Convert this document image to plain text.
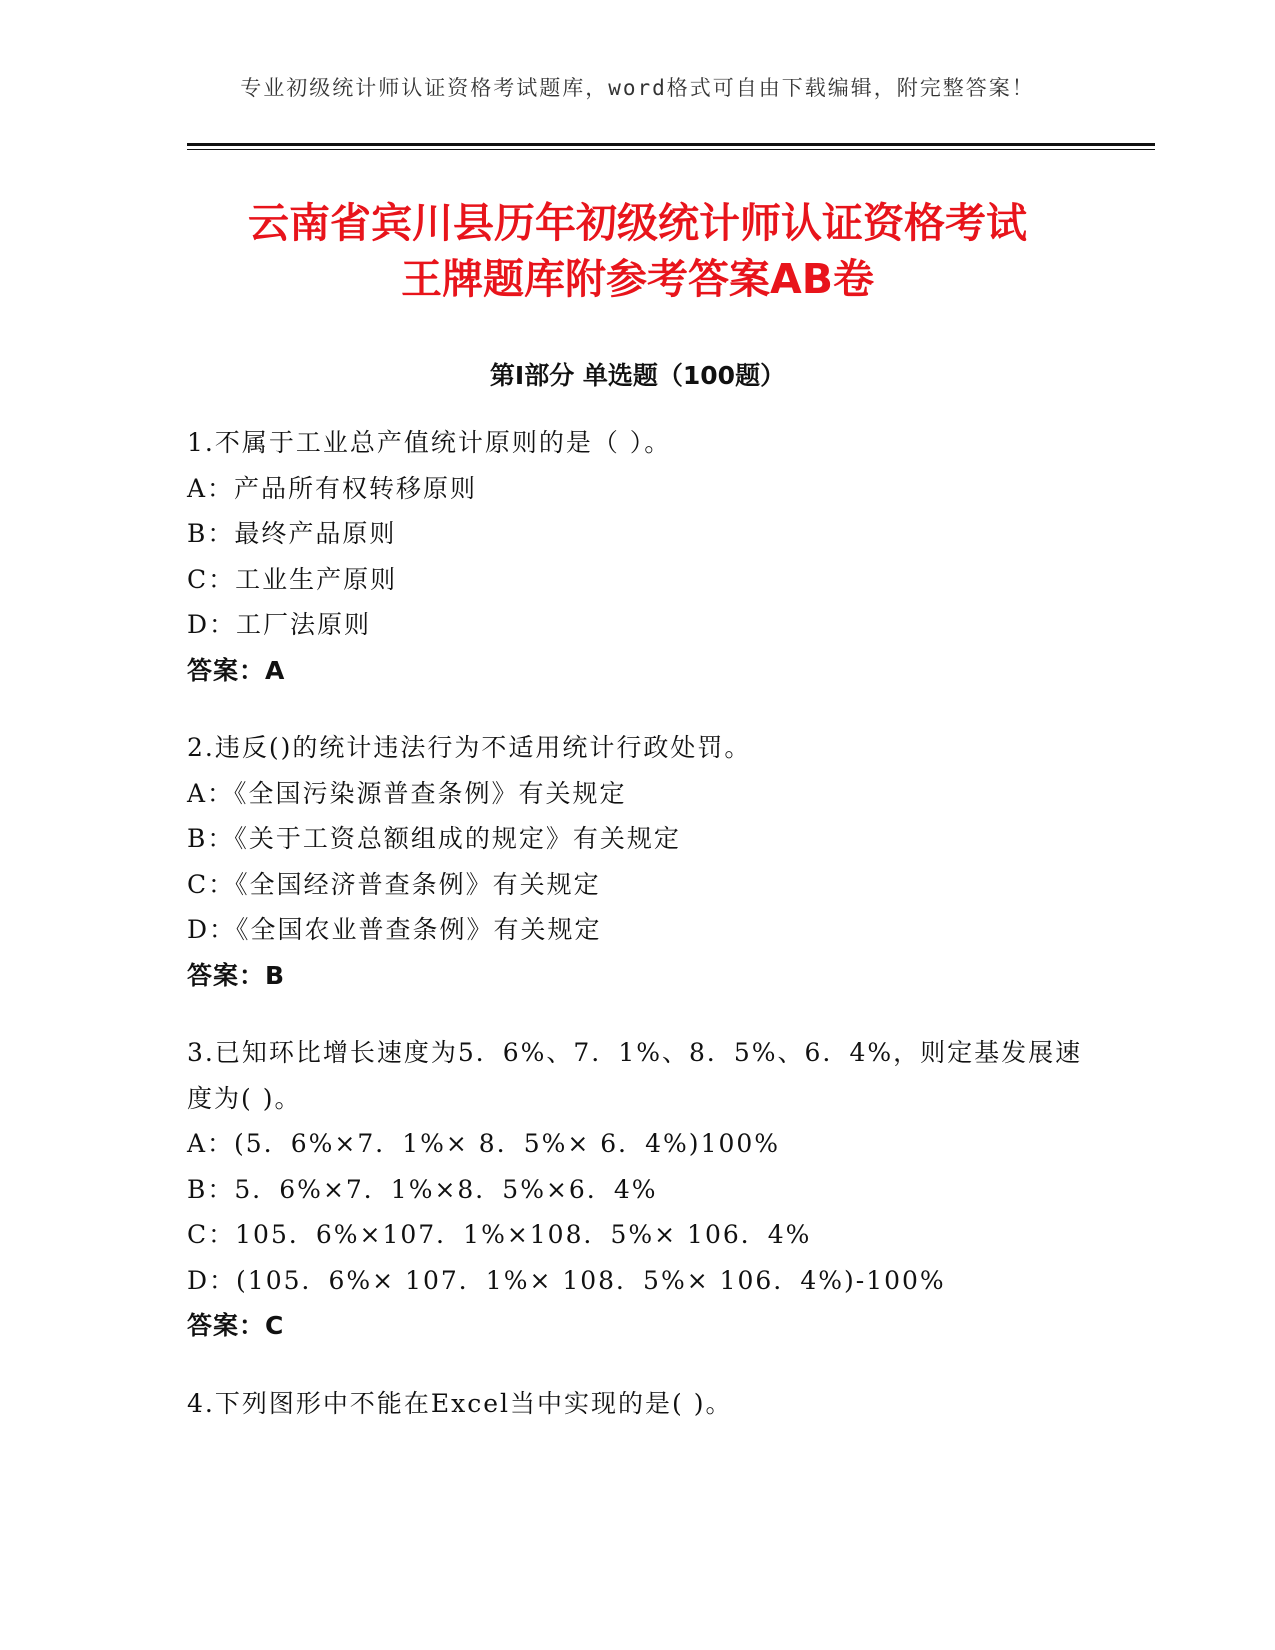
专业初级统计师认证资格考试题库，word格式可自由下载编辑，附完整答案！
云南省宾川县历年初级统计师认证资格考试
王牌题库附参考答案AB卷
第Ⅰ部分 单选题（100题）
1.不属于工业总产值统计原则的是（ ）。
A：产品所有权转移原则
B：最终产品原则
C：工业生产原则
D：工厂法原则
答案：A
2.违反()的统计违法行为不适用统计行政处罚。
A：《全国污染源普查条例》有关规定
B：《关于工资总额组成的规定》有关规定
C：《全国经济普查条例》有关规定
D：《全国农业普查条例》有关规定
答案：B
3.已知环比增长速度为5．6%、7．1%、8．5%、6．4%，则定基发展速
度为( )。
A：(5．6%×7．1%× 8．5%× 6．4%)100%
B：5．6%×7．1%×8．5%×6．4%
C：105．6%×107．1%×108．5%× 106．4%
D：(105．6%× 107．1%× 108．5%× 106．4%)-100%
答案：C
4.下列图形中不能在Excel当中实现的是( )。
